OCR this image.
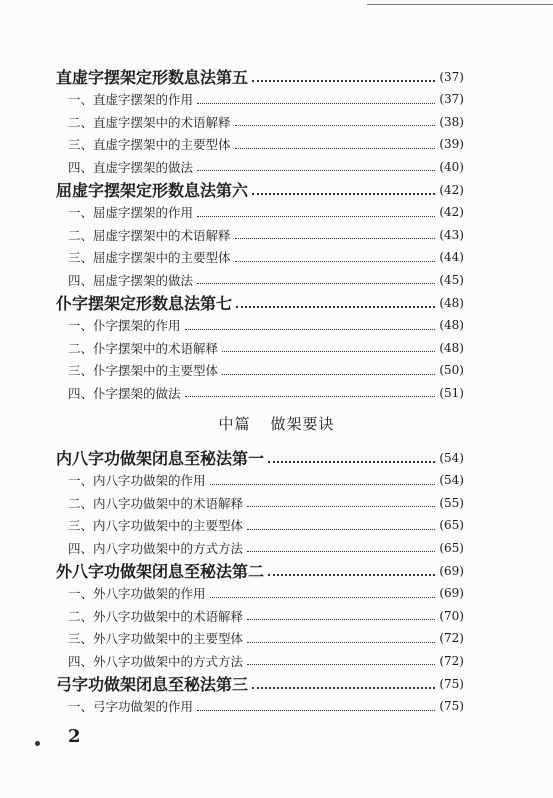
直虚字摆架定形数息法第五	(37)
一、直虚字摆架的作用	(37)
二、直虚字摆架中的术语解释	(38)
三、直虚字摆架中的主要型体	(39)
四、直虚字摆架的做法	(40)
屈虚字摆架定形数息法第六	(42)
一、屈虚字摆架的作用	(42)
二、屈虚字摆架中的术语解释	(43)
三、屈虚字摆架中的主要型体	(44)
四、屈虚字摆架的做法	(45)
仆字摆架定形数息法第七	(48)
一、仆字摆架的作用	(48)
二、仆字摆架中的术语解释	(48)
三、仆字摆架中的主要型体	(50)
四、仆字摆架的做法	(51)
中篇 做架要诀
内八字功做架闭息至秘法第一	(54)
一、内八字功做架的作用	(54)
二、内八字功做架中的术语解释	(55)
三、内八字功做架中的主要型体	(65)
四、内八字功做架中的方式方法	(65)
外八字功做架闭息至秘法第二	(69)
一、外八字功做架的作用	(69)
二、外八字功做架中的术语解释	(70)
三、外八字功做架中的主要型体	(72)
四、外八字功做架中的方式方法	(72)
弓字功做架闭息至秘法第三	(75)
一、弓字功做架的作用	(75)
2
